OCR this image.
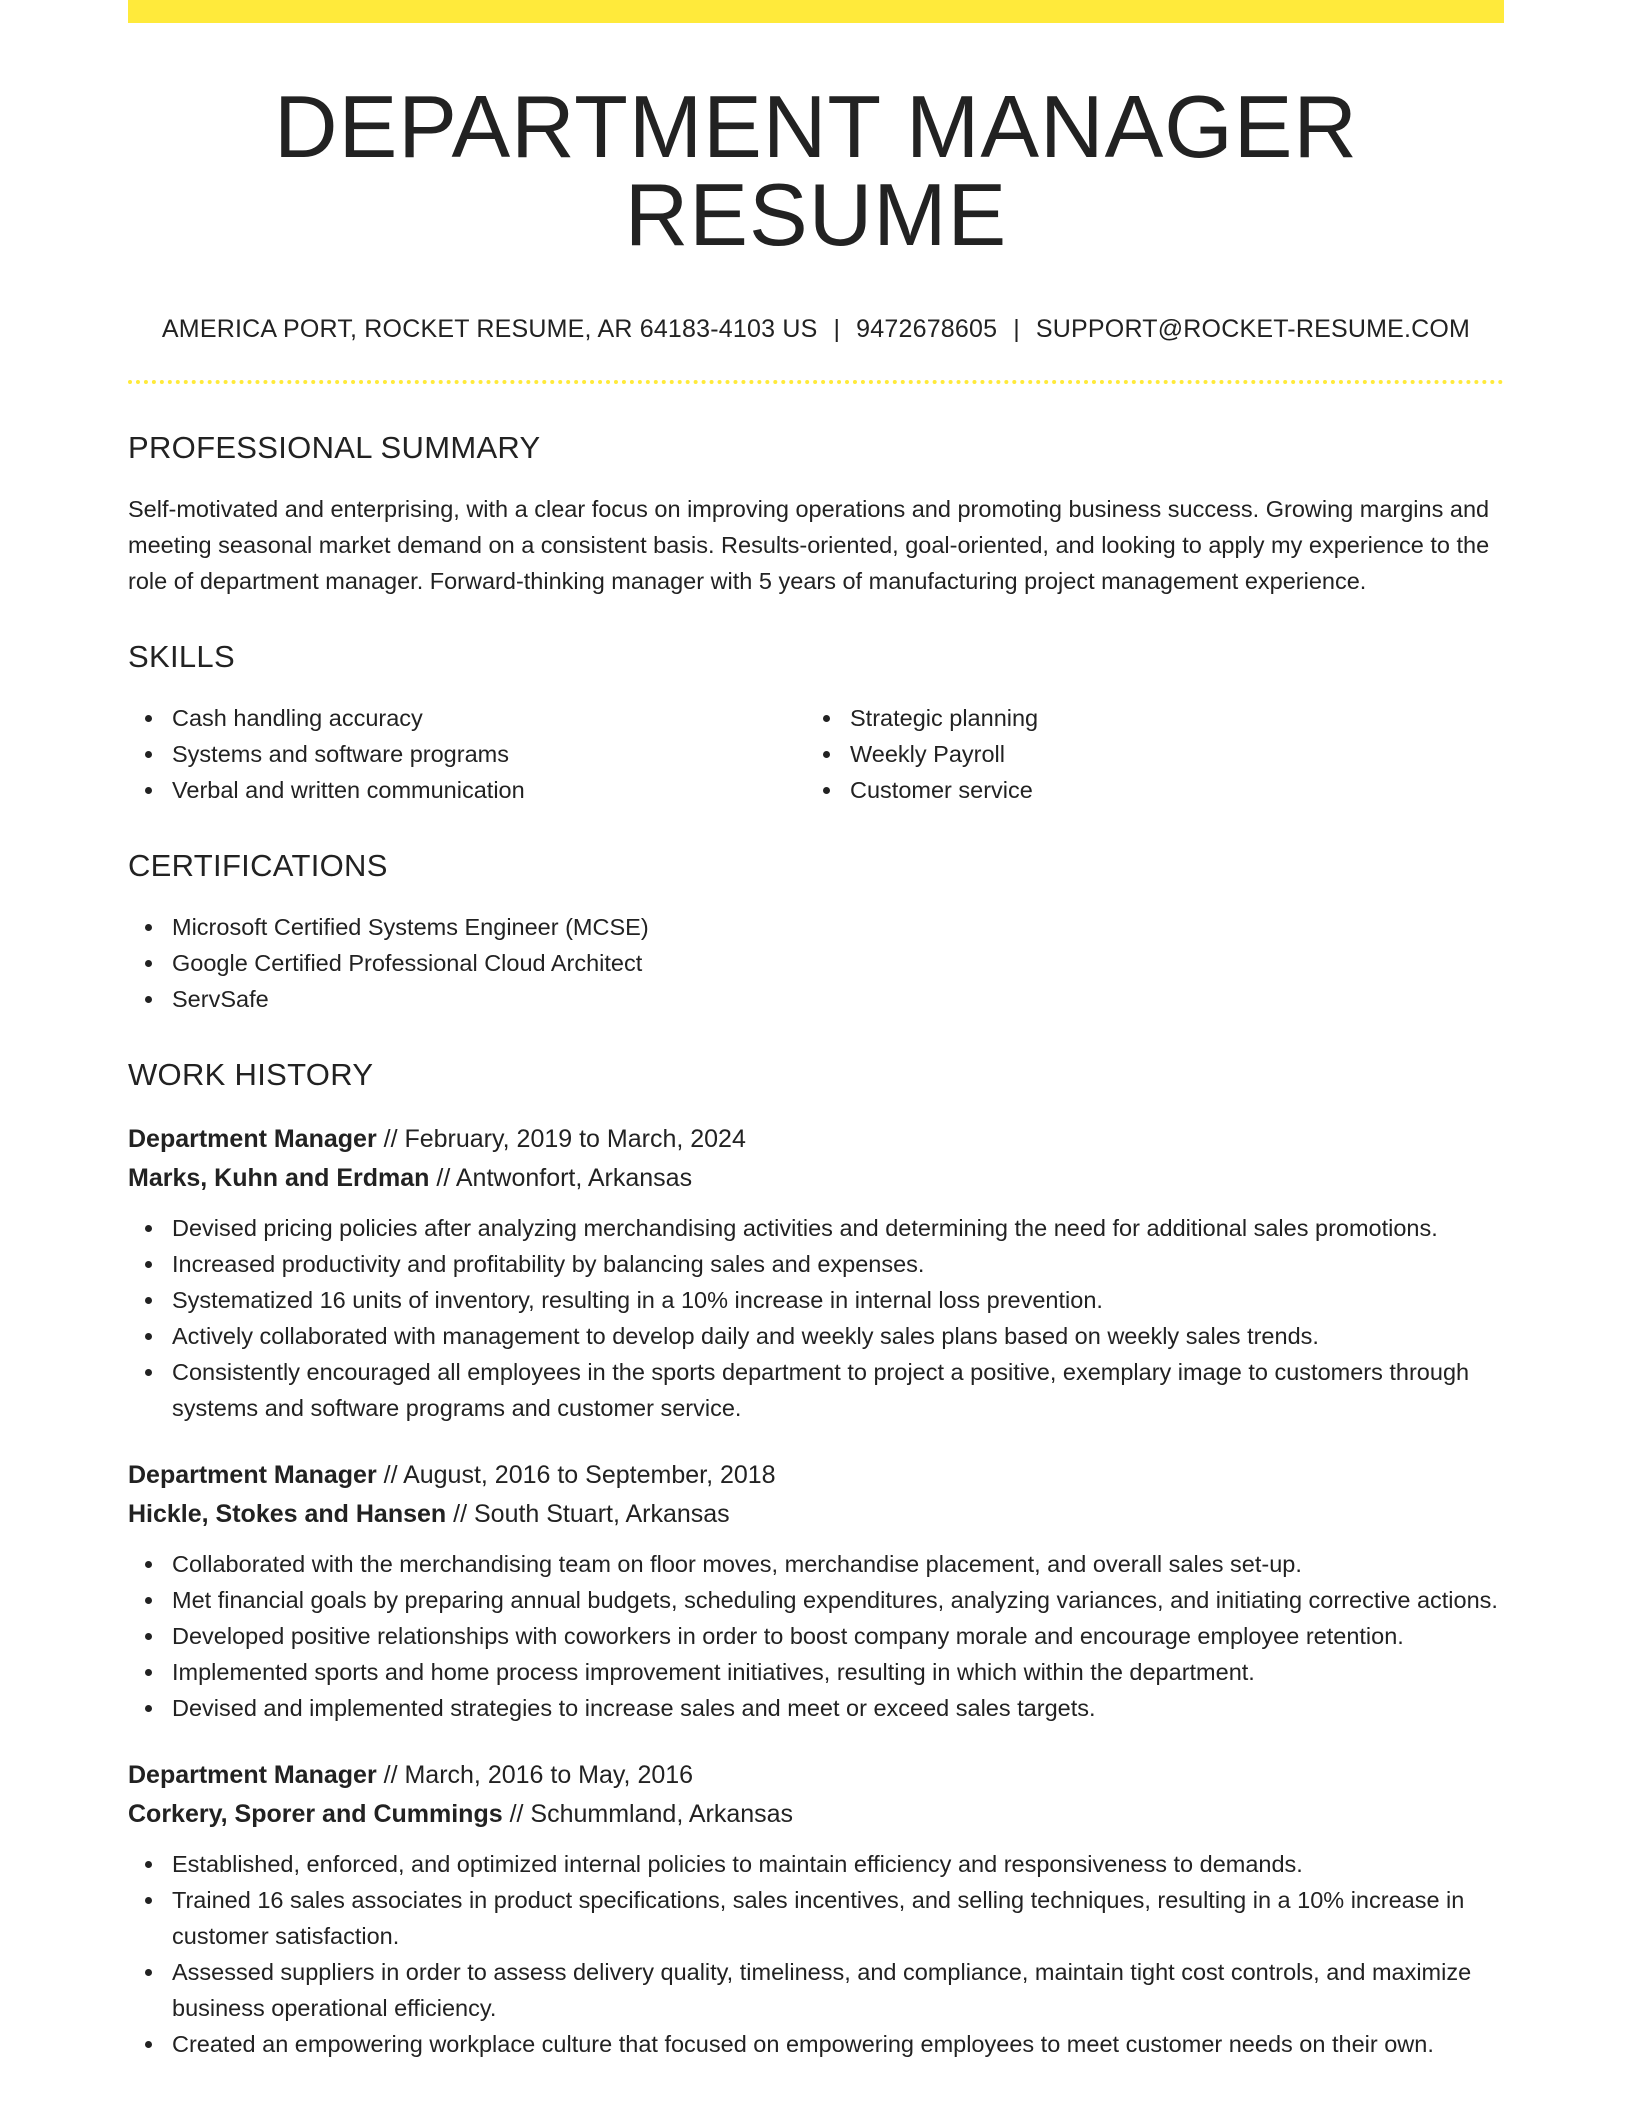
DEPARTMENT MANAGER RESUME
AMERICA PORT, ROCKET RESUME, AR 64183-4103 US | 9472678605 | SUPPORT@ROCKET-RESUME.COM
PROFESSIONAL SUMMARY

Self-motivated and enterprising, with a clear focus on improving operations and promoting business success. Growing margins and meeting seasonal market demand on a consistent basis. Results-oriented, goal-oriented, and looking to apply my experience to the role of department manager. Forward-thinking manager with 5 years of manufacturing project management experience.

SKILLS
Cash handling accuracy
Systems and software programs
Verbal and written communication
Strategic planning
Weekly Payroll
Customer service
CERTIFICATIONS
Microsoft Certified Systems Engineer (MCSE)
Google Certified Professional Cloud Architect
ServSafe
WORK HISTORY
Department Manager // February, 2019 to March, 2024
Marks, Kuhn and Erdman // Antwonfort, Arkansas
Devised pricing policies after analyzing merchandising activities and determining the need for additional sales promotions.
Increased productivity and profitability by balancing sales and expenses.
Systematized 16 units of inventory, resulting in a 10% increase in internal loss prevention.
Actively collaborated with management to develop daily and weekly sales plans based on weekly sales trends.
Consistently encouraged all employees in the sports department to project a positive, exemplary image to customers through systems and software programs and customer service.
Department Manager // August, 2016 to September, 2018
Hickle, Stokes and Hansen // South Stuart, Arkansas
Collaborated with the merchandising team on floor moves, merchandise placement, and overall sales set-up.
Met financial goals by preparing annual budgets, scheduling expenditures, analyzing variances, and initiating corrective actions.
Developed positive relationships with coworkers in order to boost company morale and encourage employee retention.
Implemented sports and home process improvement initiatives, resulting in which within the department.
Devised and implemented strategies to increase sales and meet or exceed sales targets.
Department Manager // March, 2016 to May, 2016
Corkery, Sporer and Cummings // Schummland, Arkansas
Established, enforced, and optimized internal policies to maintain efficiency and responsiveness to demands.
Trained 16 sales associates in product specifications, sales incentives, and selling techniques, resulting in a 10% increase in customer satisfaction.
Assessed suppliers in order to assess delivery quality, timeliness, and compliance, maintain tight cost controls, and maximize business operational efficiency.
Created an empowering workplace culture that focused on empowering employees to meet customer needs on their own.
